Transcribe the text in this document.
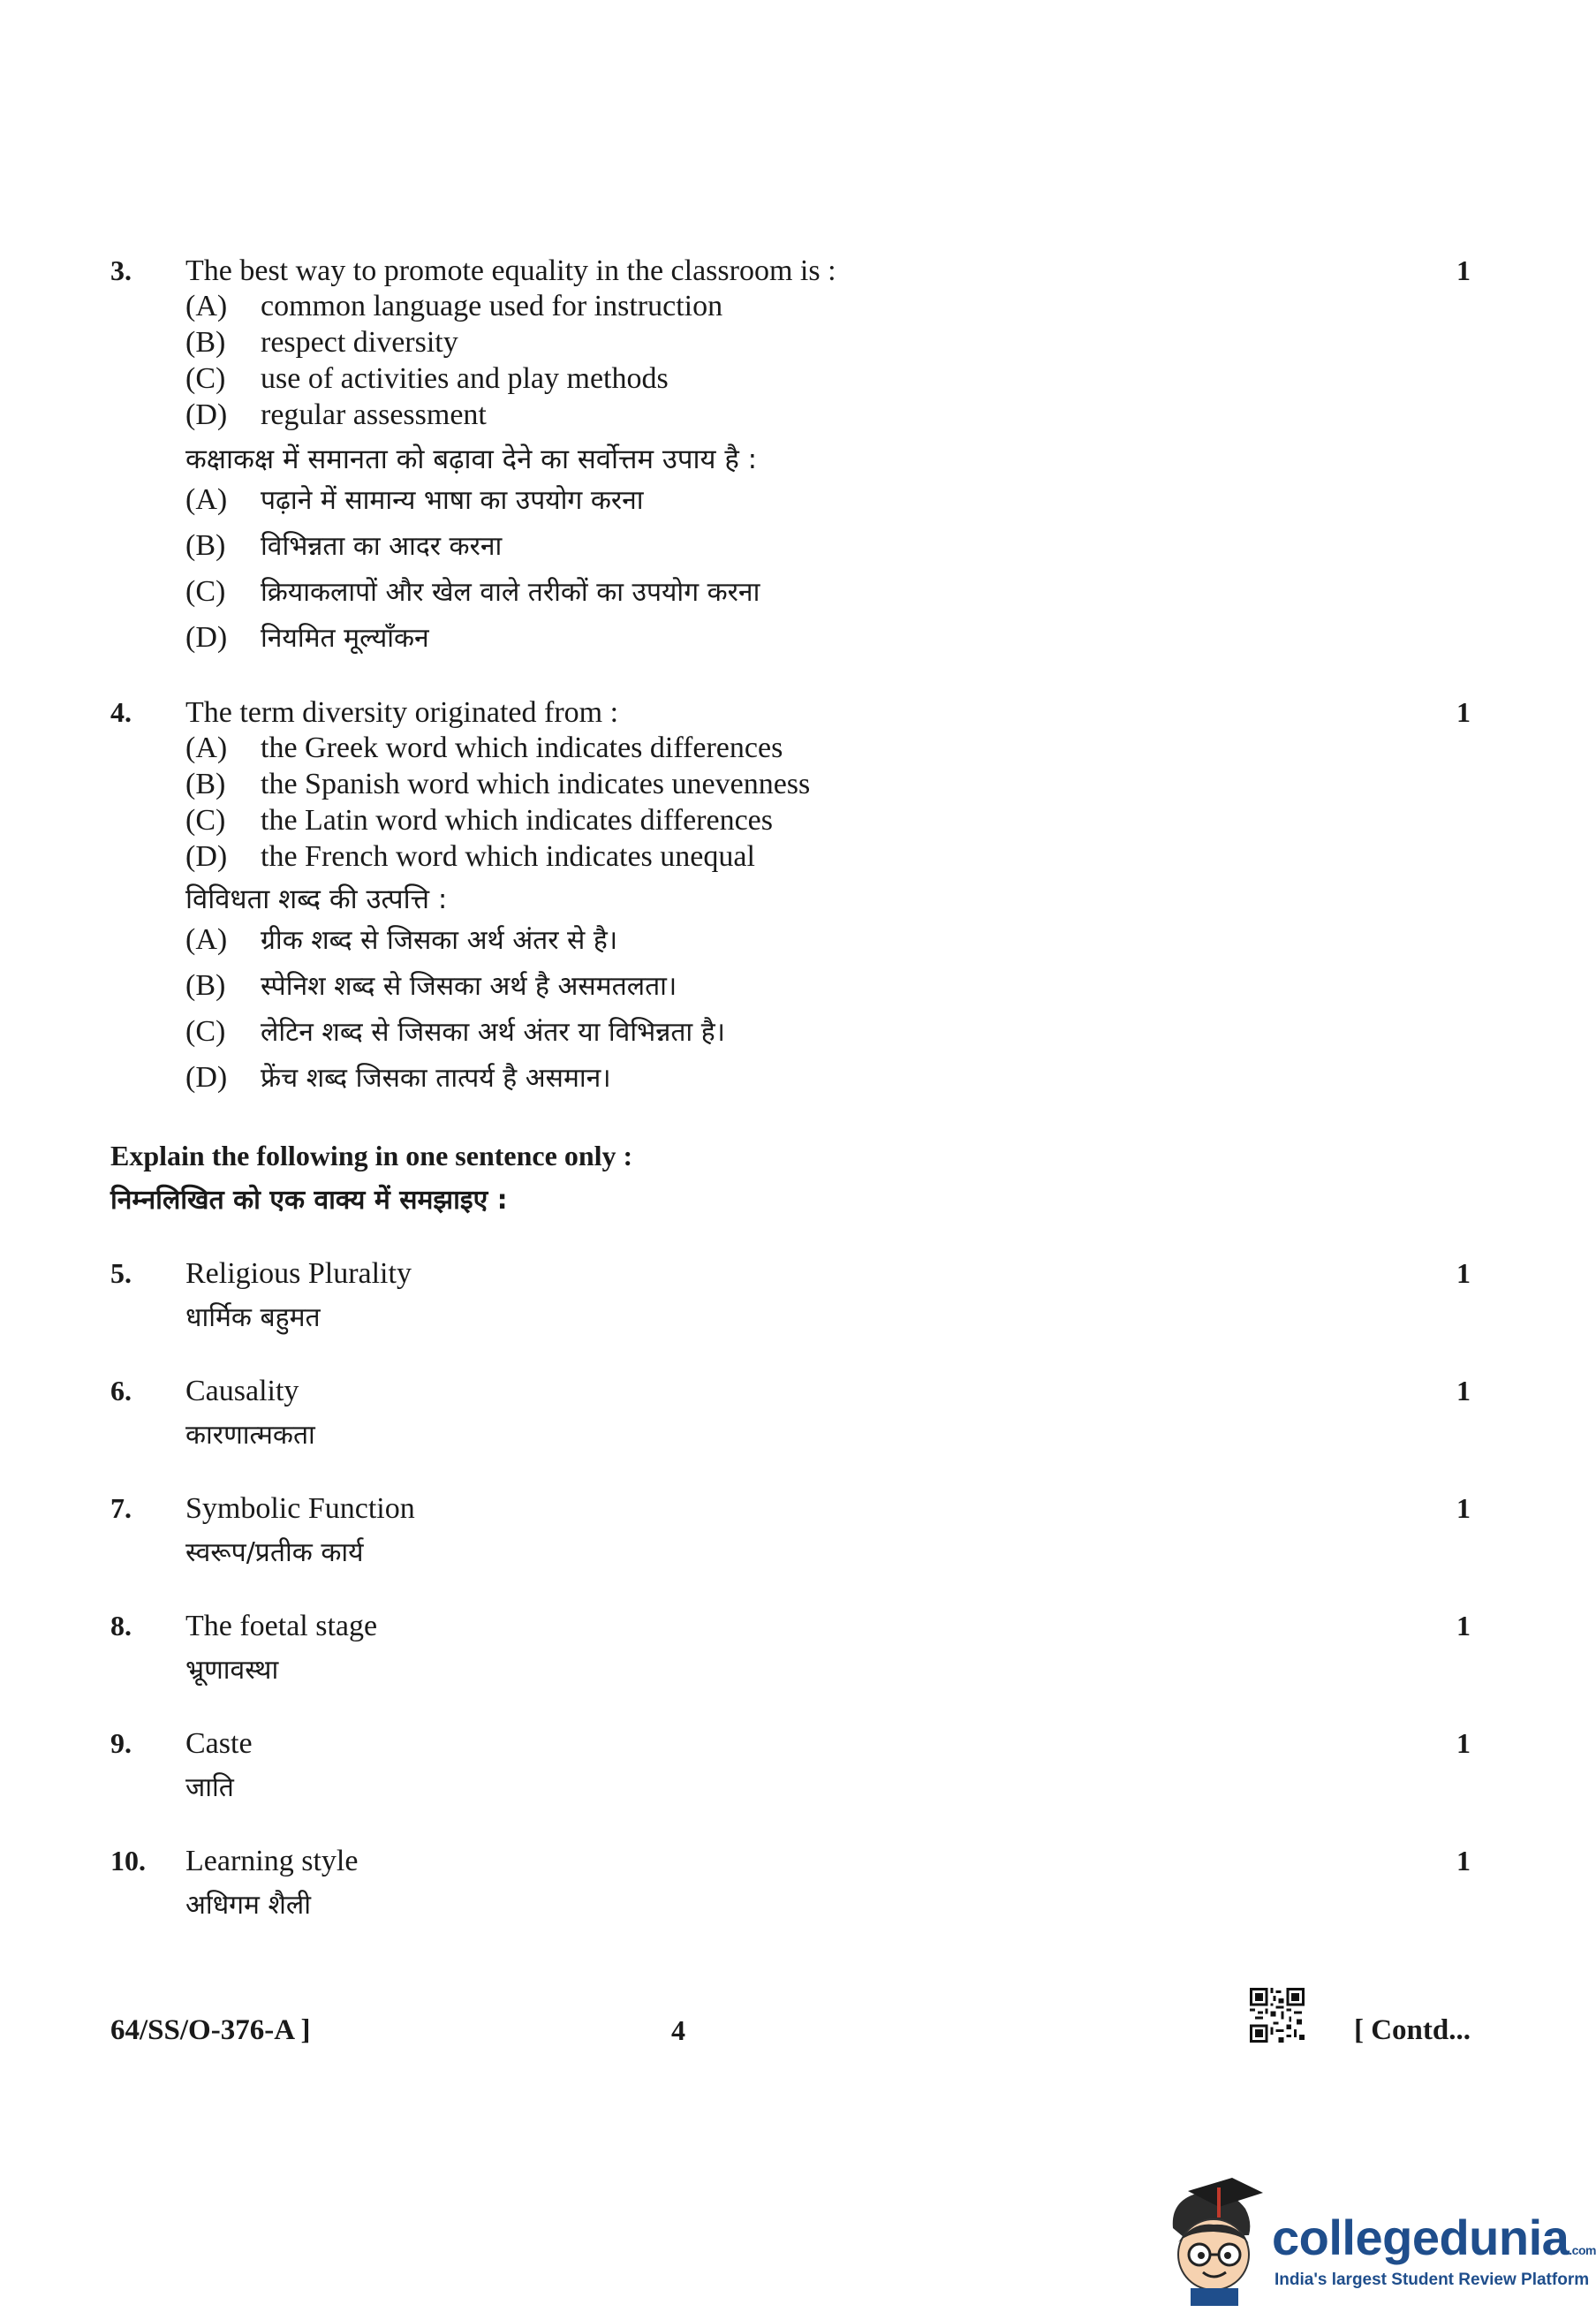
3. The best way to promote equality in the classroom is :	1
(A) common language used for instruction
(B) respect diversity
(C) use of activities and play methods
(D) regular assessment
कक्षाकक्ष में समानता को बढ़ावा देने का सर्वोत्तम उपाय है :
(A) पढ़ाने में सामान्य भाषा का उपयोग करना
(B) विभिन्नता का आदर करना
(C) क्रियाकलापों और खेल वाले तरीकों का उपयोग करना
(D) नियमित मूल्याँकन
4. The term diversity originated from :	1
(A) the Greek word which indicates differences
(B) the Spanish word which indicates unevenness
(C) the Latin word which indicates differences
(D) the French word which indicates unequal
विविधता शब्द की उत्पत्ति :
(A) ग्रीक शब्द से जिसका अर्थ अंतर से है।
(B) स्पेनिश शब्द से जिसका अर्थ है असमतलता।
(C) लेटिन शब्द से जिसका अर्थ अंतर या विभिन्नता है।
(D) फ्रेंच शब्द जिसका तात्पर्य है असमान।
Explain the following in one sentence only :
निम्नलिखित को एक वाक्य में समझाइए :
5. Religious Plurality
धार्मिक बहुमत
1
6. Causality
कारणात्मकता
1
7. Symbolic Function
स्वरूप/प्रतीक कार्य
1
8. The foetal stage
भ्रूणावस्था
1
9. Caste
जाति
1
10. Learning style
अधिगम शैली
1
64/SS/O-376-A ]	4	[ Contd...
collegedunia.com
India's largest Student Review Platform
